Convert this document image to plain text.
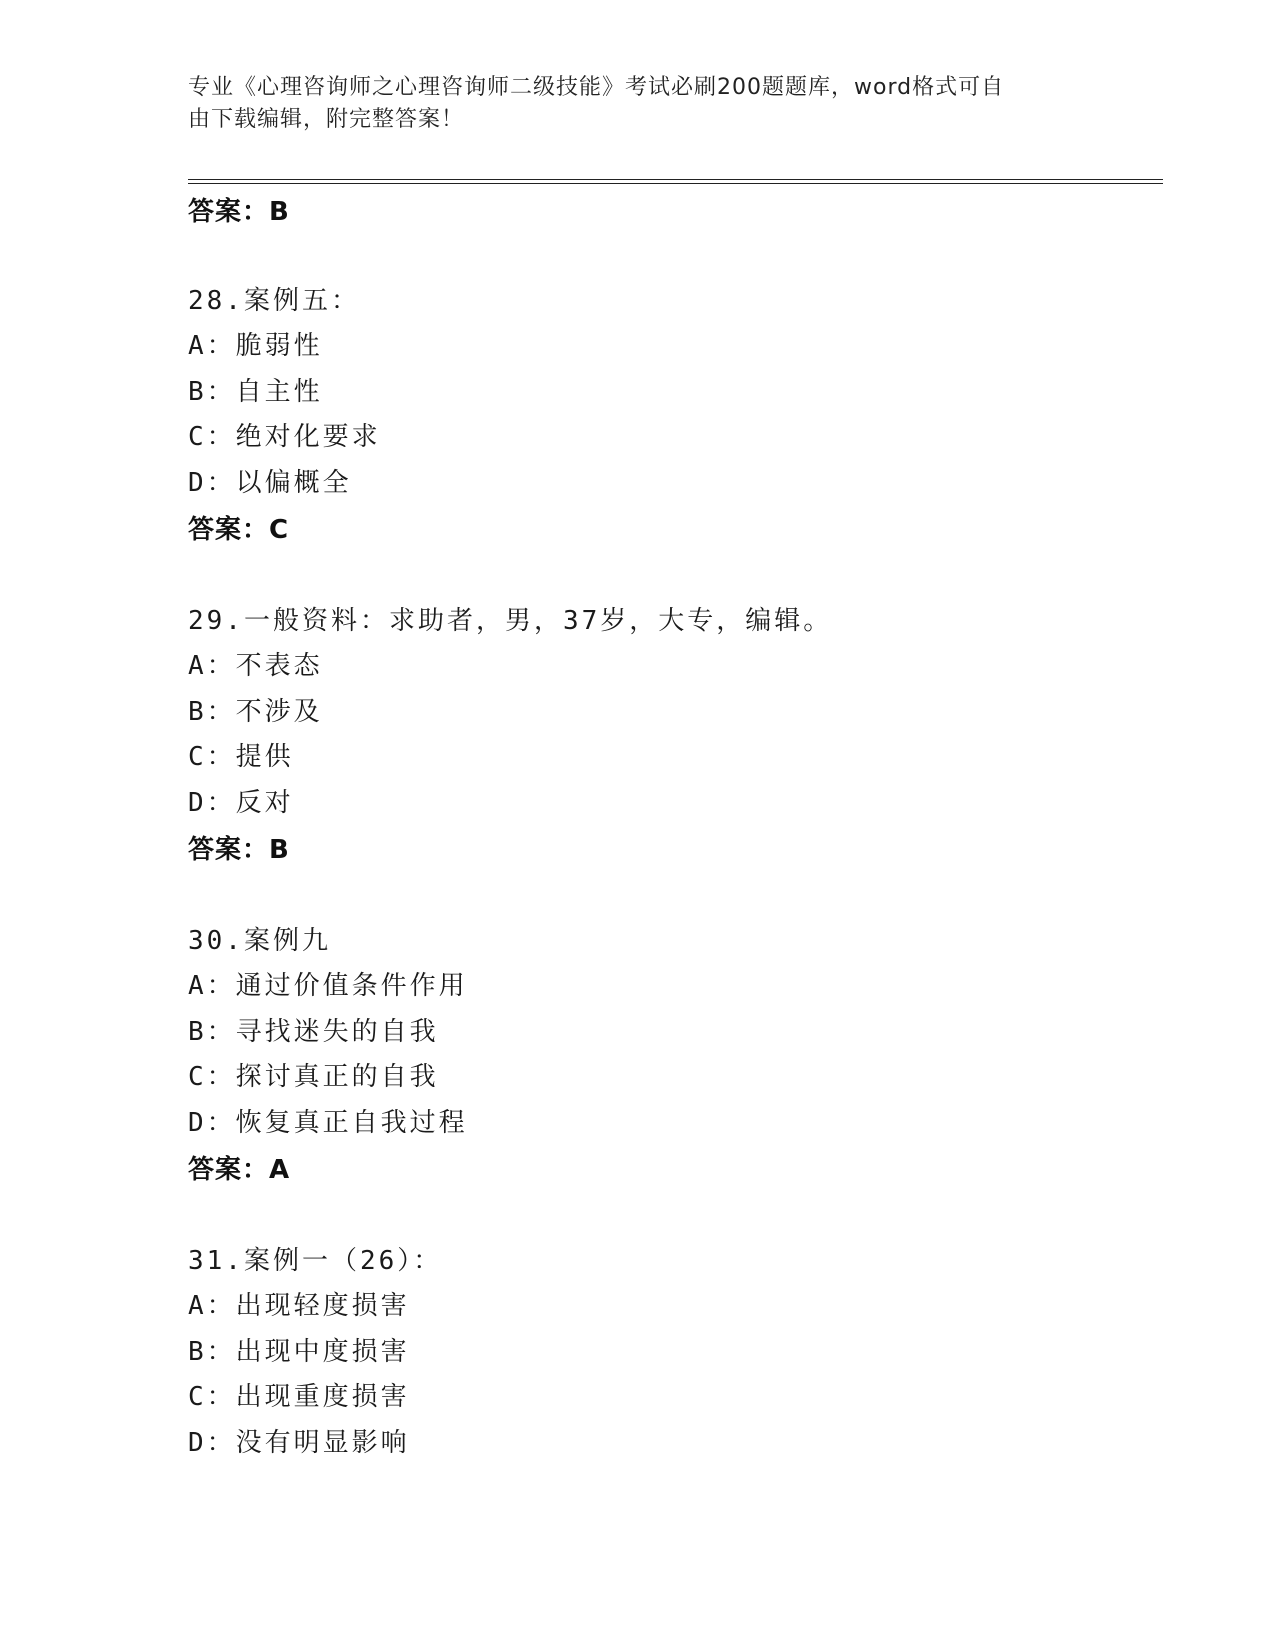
专业《心理咨询师之心理咨询师二级技能》考试必刷200题题库，word格式可自
由下载编辑，附完整答案！
答案：B
28.案例五：
A：脆弱性
B：自主性
C：绝对化要求
D：以偏概全
答案：C
29.一般资料：求助者，男，37岁，大专，编辑。
A：不表态
B：不涉及
C：提供
D：反对
答案：B
30.案例九
A：通过价值条件作用
B：寻找迷失的自我
C：探讨真正的自我
D：恢复真正自我过程
答案：A
31.案例一（26）：
A：出现轻度损害
B：出现中度损害
C：出现重度损害
D：没有明显影响
